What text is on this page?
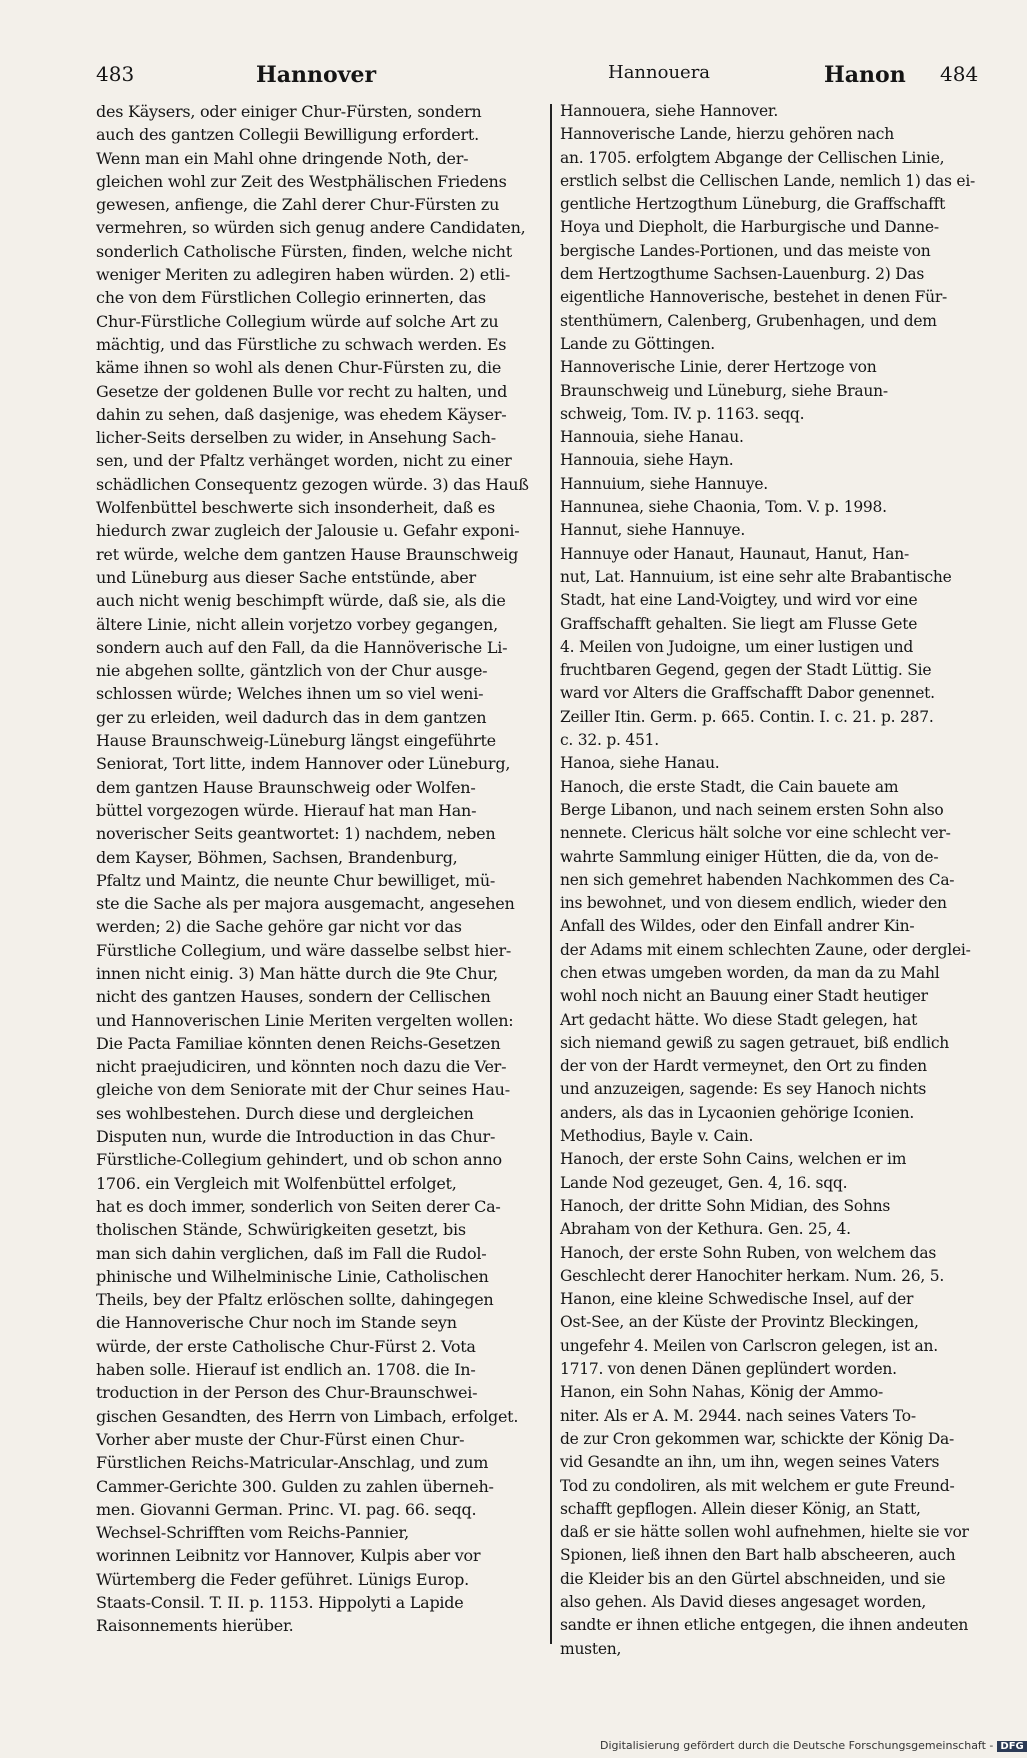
483	Hannover	Hannouera	Hanon 484
des Käysers, oder einiger Chur-Fürsten, sondern
auch des gantzen Collegii Bewilligung erfordert.
Wenn man ein Mahl ohne dringende Noth, der-
gleichen wohl zur Zeit des Westphälischen Friedens
gewesen, anfienge, die Zahl derer Chur-Fürsten zu
vermehren, so würden sich genug andere Candidaten,
sonderlich Catholische Fürsten, finden, welche nicht
weniger Meriten zu adlegiren haben würden. 2) etli-
che von dem Fürstlichen Collegio erinnerten, das
Chur-Fürstliche Collegium würde auf solche Art zu
mächtig, und das Fürstliche zu schwach werden. Es
käme ihnen so wohl als denen Chur-Fürsten zu, die
Gesetze der goldenen Bulle vor recht zu halten, und
dahin zu sehen, daß dasjenige, was ehedem Käyser-
licher-Seits derselben zu wider, in Ansehung Sach-
sen, und der Pfaltz verhänget worden, nicht zu einer
schädlichen Consequentz gezogen würde. 3) das Hauß
Wolfenbüttel beschwerte sich insonderheit, daß es
hiedurch zwar zugleich der Jalousie u. Gefahr exponi-
ret würde, welche dem gantzen Hause Braunschweig
und Lüneburg aus dieser Sache entstünde, aber
auch nicht wenig beschimpft würde, daß sie, als die
ältere Linie, nicht allein vorjetzo vorbey gegangen,
sondern auch auf den Fall, da die Hannöverische Li-
nie abgehen sollte, gäntzlich von der Chur ausge-
schlossen würde; Welches ihnen um so viel weni-
ger zu erleiden, weil dadurch das in dem gantzen
Hause Braunschweig-Lüneburg längst eingeführte
Seniorat, Tort litte, indem Hannover oder Lüneburg,
dem gantzen Hause Braunschweig oder Wolfen-
büttel vorgezogen würde. Hierauf hat man Han-
noverischer Seits geantwortet: 1) nachdem, neben
dem Kayser, Böhmen, Sachsen, Brandenburg,
Pfaltz und Maintz, die neunte Chur bewilliget, mü-
ste die Sache als per majora ausgemacht, angesehen
werden; 2) die Sache gehöre gar nicht vor das
Fürstliche Collegium, und wäre dasselbe selbst hier-
innen nicht einig. 3) Man hätte durch die 9te Chur,
nicht des gantzen Hauses, sondern der Cellischen
und Hannoverischen Linie Meriten vergelten wollen:
Die Pacta Familiae könnten denen Reichs-Gesetzen
nicht praejudiciren, und könnten noch dazu die Ver-
gleiche von dem Seniorate mit der Chur seines Hau-
ses wohlbestehen. Durch diese und dergleichen
Disputen nun, wurde die Introduction in das Chur-
Fürstliche-Collegium gehindert, und ob schon anno
1706. ein Vergleich mit Wolfenbüttel erfolget,
hat es doch immer, sonderlich von Seiten derer Ca-
tholischen Stände, Schwürigkeiten gesetzt, bis
man sich dahin verglichen, daß im Fall die Rudol-
phinische und Wilhelminische Linie, Catholischen
Theils, bey der Pfaltz erlöschen sollte, dahingegen
die Hannoverische Chur noch im Stande seyn
würde, der erste Catholische Chur-Fürst 2. Vota
haben solle. Hierauf ist endlich an. 1708. die In-
troduction in der Person des Chur-Braunschwei-
gischen Gesandten, des Herrn von Limbach, erfolget.
Vorher aber muste der Chur-Fürst einen Chur-
Fürstlichen Reichs-Matricular-Anschlag, und zum
Cammer-Gerichte 300. Gulden zu zahlen überneh-
men. Giovanni German. Princ. VI. pag. 66. seqq.
Wechsel-Schrifften vom Reichs-Pannier,
worinnen Leibnitz vor Hannover, Kulpis aber vor
Würtemberg die Feder geführet. Lünigs Europ.
Staats-Consil. T. II. p. 1153. Hippolyti a Lapide
Raisonnements hierüber.
Hannouera, siehe Hannover.
Hannoverische Lande, hierzu gehören nach
an. 1705. erfolgtem Abgange der Cellischen Linie,
erstlich selbst die Cellischen Lande, nemlich 1) das ei-
gentliche Hertzogthum Lüneburg, die Graffschafft
Hoya und Diepholt, die Harburgische und Danne-
bergische Landes-Portionen, und das meiste von
dem Hertzogthume Sachsen-Lauenburg. 2) Das
eigentliche Hannoverische, bestehet in denen Für-
stenthümern, Calenberg, Grubenhagen, und dem
Lande zu Göttingen.
Hannoverische Linie, derer Hertzoge von
Braunschweig und Lüneburg, siehe Braun-
schweig, Tom. IV. p. 1163. seqq.
Hannouia, siehe Hanau.
Hannouia, siehe Hayn.
Hannuium, siehe Hannuye.
Hannunea, siehe Chaonia, Tom. V. p. 1998.
Hannut, siehe Hannuye.
Hannuye oder Hanaut, Haunaut, Hanut, Han-
nut, Lat. Hannuium, ist eine sehr alte Brabantische
Stadt, hat eine Land-Voigtey, und wird vor eine
Graffschafft gehalten. Sie liegt am Flusse Gete
4. Meilen von Judoigne, um einer lustigen und
fruchtbaren Gegend, gegen der Stadt Lüttig. Sie
ward vor Alters die Graffschafft Dabor genennet.
Zeiller Itin. Germ. p. 665. Contin. I. c. 21. p. 287.
c. 32. p. 451.
Hanoa, siehe Hanau.
Hanoch, die erste Stadt, die Cain bauete am
Berge Libanon, und nach seinem ersten Sohn also
nennete. Clericus hält solche vor eine schlecht ver-
wahrte Sammlung einiger Hütten, die da, von de-
nen sich gemehret habenden Nachkommen des Ca-
ins bewohnet, und von diesem endlich, wieder den
Anfall des Wildes, oder den Einfall andrer Kin-
der Adams mit einem schlechten Zaune, oder derglei-
chen etwas umgeben worden, da man da zu Mahl
wohl noch nicht an Bauung einer Stadt heutiger
Art gedacht hätte. Wo diese Stadt gelegen, hat
sich niemand gewiß zu sagen getrauet, biß endlich
der von der Hardt vermeynet, den Ort zu finden
und anzuzeigen, sagende: Es sey Hanoch nichts
anders, als das in Lycaonien gehörige Iconien.
Methodius, Bayle v. Cain.
Hanoch, der erste Sohn Cains, welchen er im
Lande Nod gezeuget, Gen. 4, 16. sqq.
Hanoch, der dritte Sohn Midian, des Sohns
Abraham von der Kethura. Gen. 25, 4.
Hanoch, der erste Sohn Ruben, von welchem das
Geschlecht derer Hanochiter herkam. Num. 26, 5.
Hanon, eine kleine Schwedische Insel, auf der
Ost-See, an der Küste der Provintz Bleckingen,
ungefehr 4. Meilen von Carlscron gelegen, ist an.
1717. von denen Dänen geplündert worden.
Hanon, ein Sohn Nahas, König der Ammo-
niter. Als er A. M. 2944. nach seines Vaters To-
de zur Cron gekommen war, schickte der König Da-
vid Gesandte an ihn, um ihn, wegen seines Vaters
Tod zu condoliren, als mit welchem er gute Freund-
schafft gepflogen. Allein dieser König, an Statt,
daß er sie hätte sollen wohl aufnehmen, hielte sie vor
Spionen, ließ ihnen den Bart halb abscheeren, auch
die Kleider bis an den Gürtel abschneiden, und sie
also gehen. Als David dieses angesaget worden,
sandte er ihnen etliche entgegen, die ihnen andeuten
musten,
Digitalisierung gefördert durch die Deutsche Forschungsgemeinschaft - DFG
